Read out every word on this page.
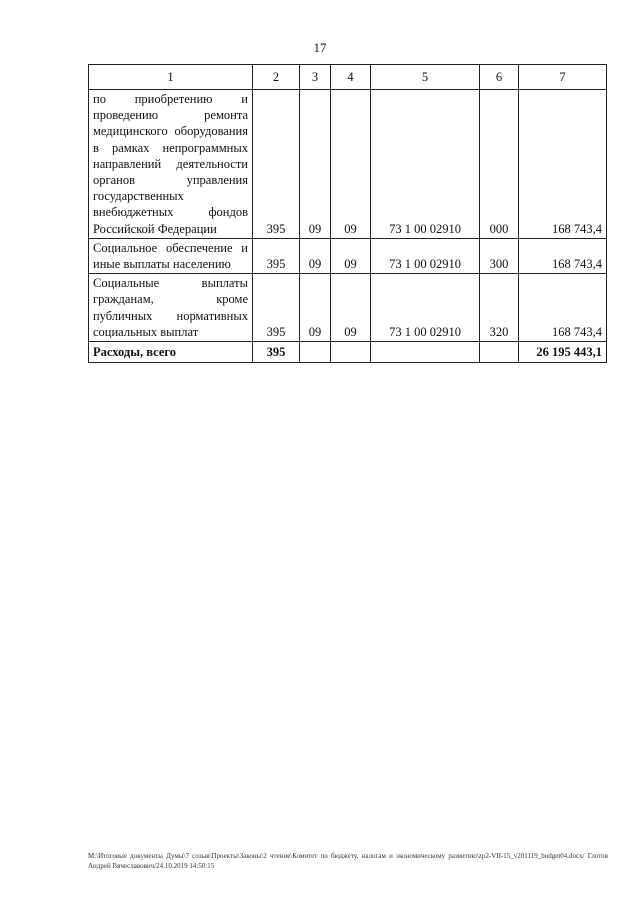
17
1	2	3	4	5	6	7
по приобретению и проведению ремонта медицинского оборудования в рамках непрограммных направлений деятельности органов управления государственных внебюджетных фондов Российской Федерации	395	09	09	73 1 00 02910	000	168 743,4
Социальное обеспечение и иные выплаты населению	395	09	09	73 1 00 02910	300	168 743,4
Социальные выплаты гражданам, кроме публичных нормативных социальных выплат	395	09	09	73 1 00 02910	320	168 743,4
Расходы, всего	395					26 195 443,1
M:\Итоговые документы Думы\7 созыв\Проекты\Законы\2 чтение\Комитет по бюджету, налогам и экономическому развитию\zp2-VII-15_v201119_budget04.docx/ Глотов Андрей Вячеславович/24.10.2019 14:50:15
